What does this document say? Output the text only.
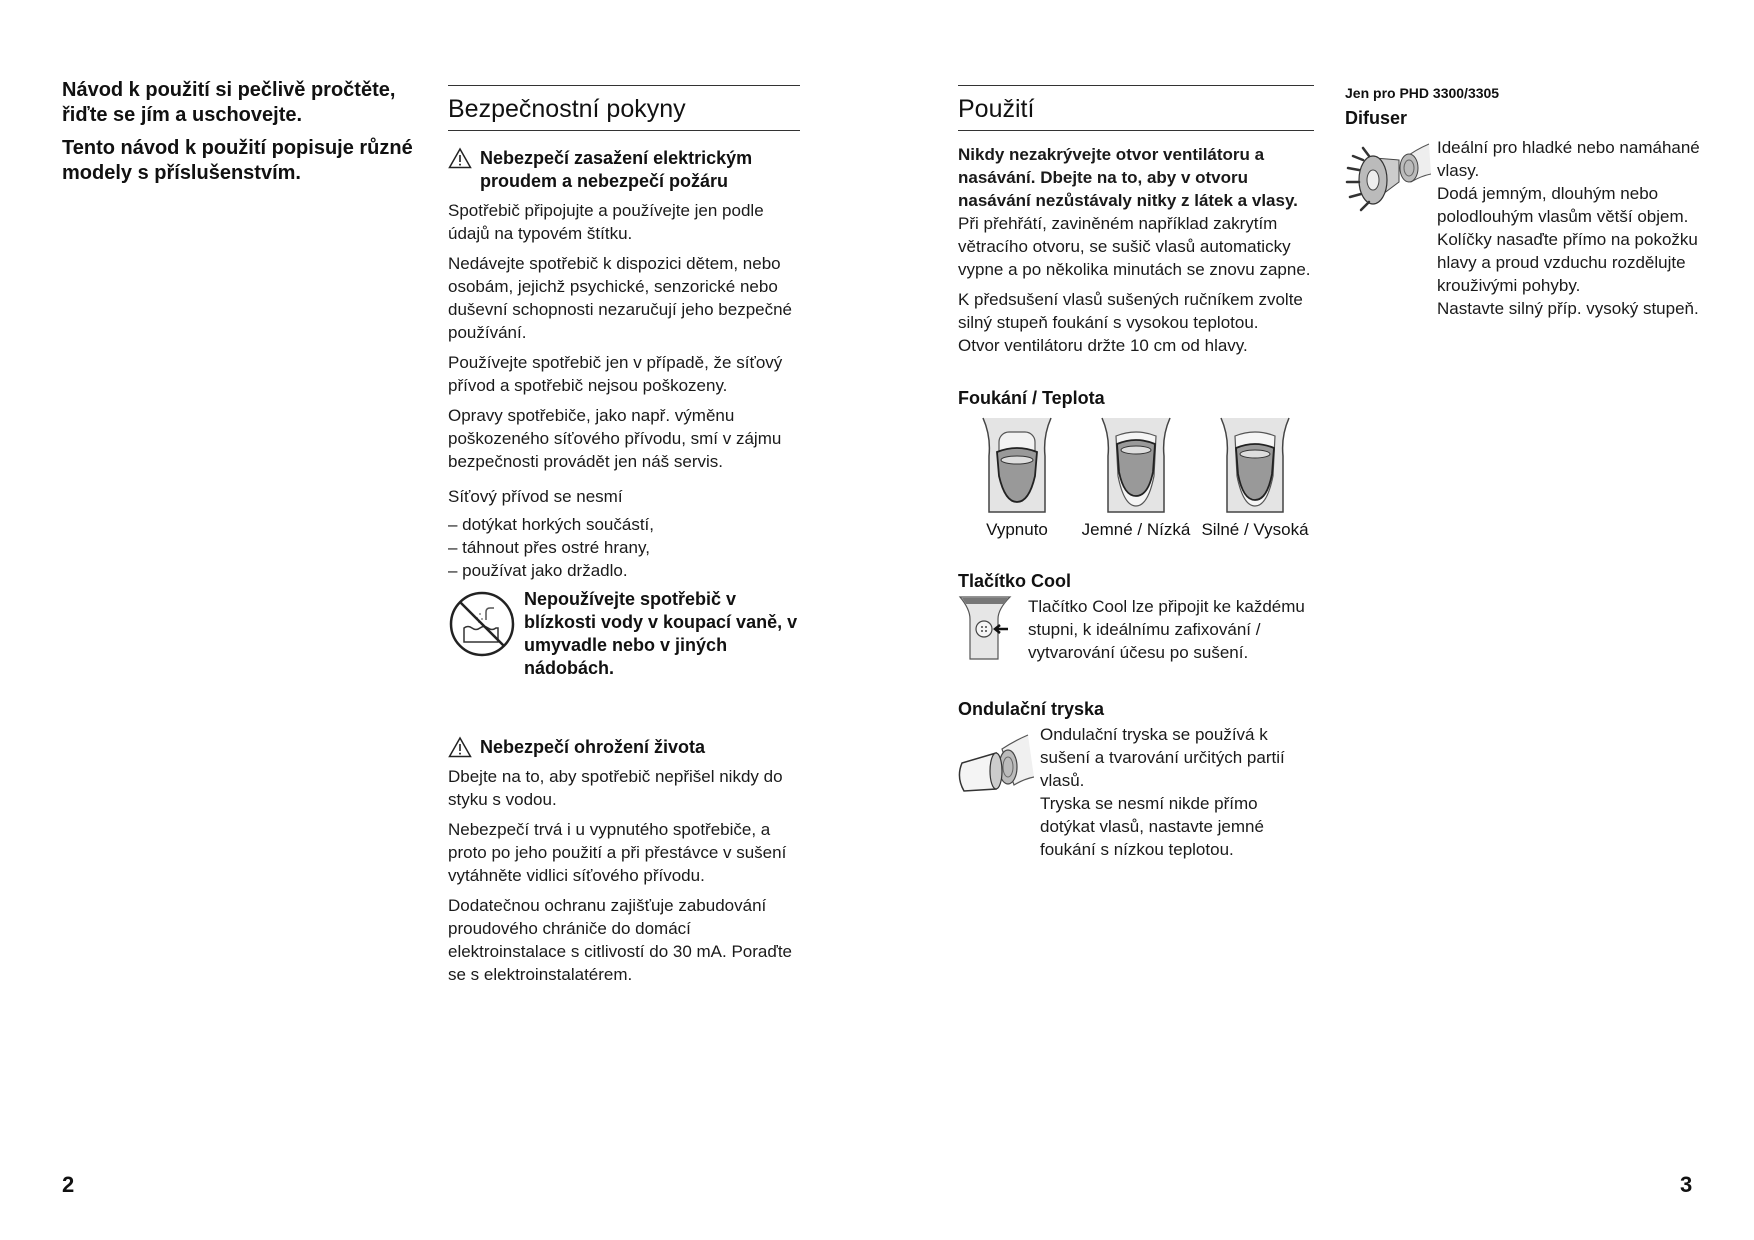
Návod k použití si pečlivě pročtěte, řiďte se jím a uschovejte.

Tento návod k použití popisuje různé modely s příslušenstvím.

Bezpečnostní pokyny
Nebezpečí zasažení elektrickým proudem a nebezpečí požáru

Spotřebič připojujte a používejte jen podle údajů na typovém štítku.

Nedávejte spotřebič k dispozici dětem, nebo osobám, jejichž psychické, senzorické nebo duševní schopnosti nezaručují jeho bezpečné používání.

Používejte spotřebič jen v případě, že síťový přívod a spotřebič nejsou poškozeny.

Opravy spotřebiče, jako např. výměnu poškozeného síťového přívodu, smí v zájmu bezpečnosti provádět jen náš servis.

Síťový přívod se nesmí

– dotýkat horkých součástí,
– táhnout přes ostré hrany,
– používat jako držadlo.
Nepoužívejte spotřebič v blízkosti vody v koupací vaně, v umyvadle nebo v jiných nádobách.
Nebezpečí ohrožení života

Dbejte na to, aby spotřebič nepřišel nikdy do styku s vodou.

Nebezpečí trvá i u vypnutého spotřebiče, a proto po jeho použití a při přestávce v sušení vytáhněte vidlici síťového přívodu.

Dodatečnou ochranu zajišťuje zabudování proudového chrániče do domácí elektroinstalace s citlivostí do 30 mA. Poraďte se s elektroinstalatérem.

Použití

Nikdy nezakrývejte otvor ventilátoru a nasávání. Dbejte na to, aby v otvoru nasávání nezůstávaly nitky z látek a vlasy.

Při přehřátí, zaviněném například zakrytím větracího otvoru, se sušič vlasů automaticky vypne a po několika minutách se znovu zapne.

K předsušení vlasů sušených ručníkem zvolte silný stupeň foukání s vysokou teplotou.

Otvor ventilátoru držte 10 cm od hlavy.

Foukání / Teplota
Vypnuto Jemné / Nízká Silné / Vysoká
Tlačítko Cool

Tlačítko Cool lze připojit ke každému stupni, k ideálnímu zafixování / vytvarování účesu po sušení.

Ondulační tryska

Ondulační tryska se používá k sušení a tvarování určitých partií vlasů.

Tryska se nesmí nikde přímo dotýkat vlasů, nastavte jemné foukání s nízkou teplotou.

Jen pro PHD 3300/3305
Difuser

Ideální pro hladké nebo namáhané vlasy.

Dodá jemným, dlouhým nebo polodlouhým vlasům větší objem.

Kolíčky nasaďte přímo na pokožku hlavy a proud vzduchu rozdělujte krouživými pohyby.

Nastavte silný příp. vysoký stupeň.

2	3
